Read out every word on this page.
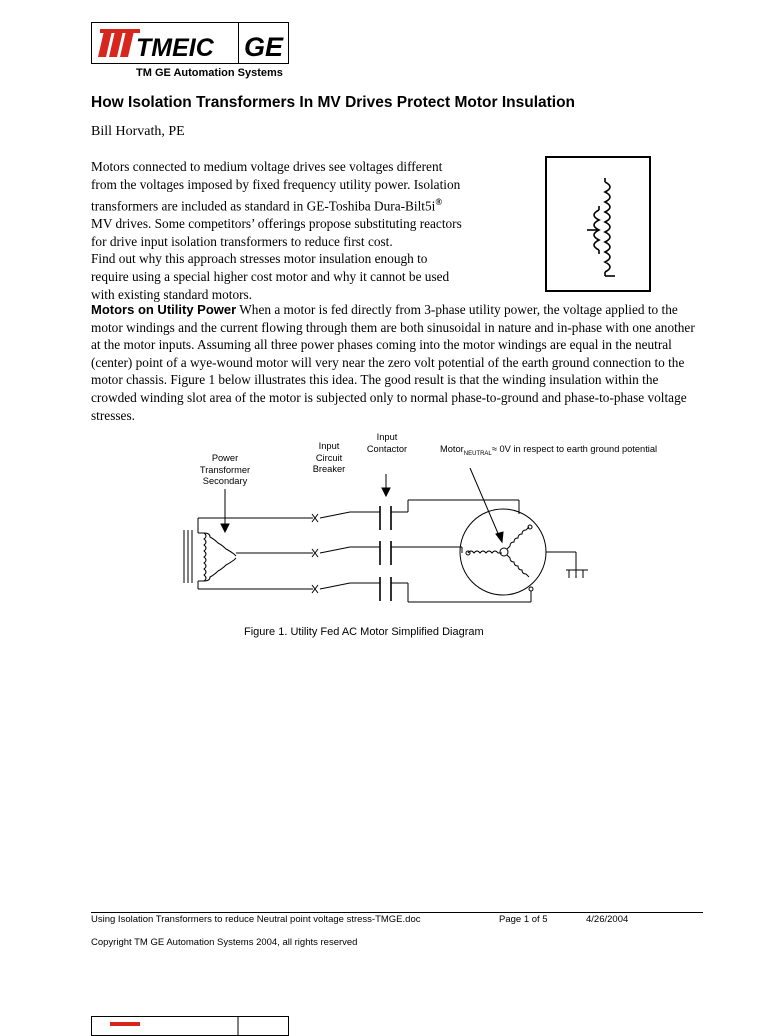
TMEIC GE
TM GE Automation Systems
How Isolation Transformers In MV Drives Protect Motor Insulation
Bill Horvath, PE

Motors connected to medium voltage drives see voltages different

from the voltages imposed by fixed frequency utility power. Isolation

transformers are included as standard in GE-Toshiba Dura-Bilt5i®

MV drives. Some competitors’ offerings propose substituting reactors

for drive input isolation transformers to reduce first cost.

Find out why this approach stresses motor insulation enough to

require using a special higher cost motor and why it cannot be used

with existing standard motors.

Motors on Utility Power When a motor is fed directly from 3-phase utility power, the voltage applied to the motor windings and the current flowing through them are both sinusoidal in nature and in-phase with one another at the motor inputs. Assuming all three power phases coming into the motor windings are equal in the neutral (center) point of a wye-wound motor will very near the zero volt potential of the earth ground connection to the motor chassis. Figure 1 below illustrates this idea. The good result is that the winding insulation within the crowded winding slot area of the motor is subjected only to normal phase-to-ground and phase-to-phase voltage stresses.
Power
Transformer
Secondary
Input
Circuit
Breaker
Input
Contactor	Motor$_{NEUTRAL}$≈ 0V in respect to earth ground potential
Figure 1. Utility Fed AC Motor Simplified Diagram
Using Isolation Transformers to reduce Neutral point voltage stress-TMGE.doc	Page 1 of 5	4/26/2004
Copyright TM GE Automation Systems 2004, all rights reserved
